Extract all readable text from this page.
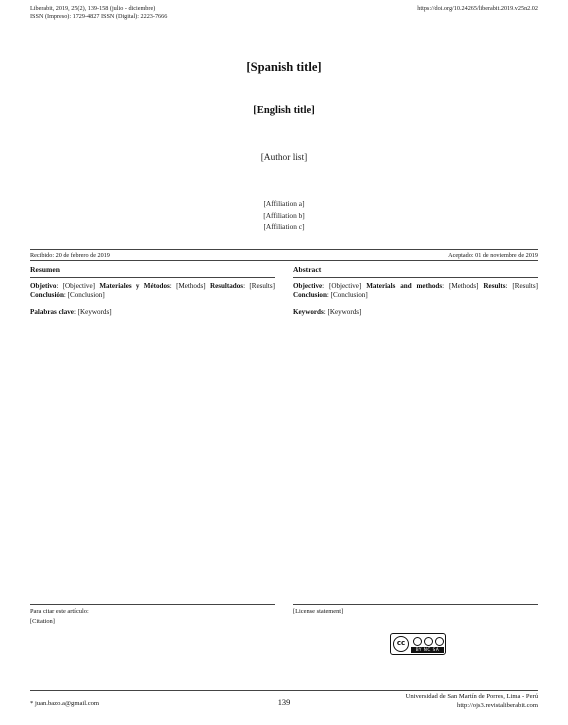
Liberabit, 2019, 25(2), 139-158 (julio - diciembre)
ISSN (Impreso): 1729-4827 ISSN (Digital): 2223-7666
https://doi.org/10.24265/liberabit.2019.v25n2.02
[Spanish title]
[English title]
[Author list]
[Affiliation a]
[Affiliation b]
[Affiliation c]
Recibido: 20 de febrero de 2019	Aceptado: 01 de noviembre de 2019
Resumen

Objetivo: [Objective] Materiales y Métodos: [Methods] Resultados: [Results] Conclusión: [Conclusion]

Palabras clave: [Keywords]

Abstract

Objective: [Objective] Materials and methods: [Methods] Results: [Results] Conclusion: [Conclusion]

Keywords: [Keywords]

Para citar este artículo:
[Citation]
[License statement]
cc
BY NC SA
* juan.bazo.a@gmail.com	139
Universidad de San Martín de Porres, Lima - Perú
http://ojs3.revistaliberabit.com
